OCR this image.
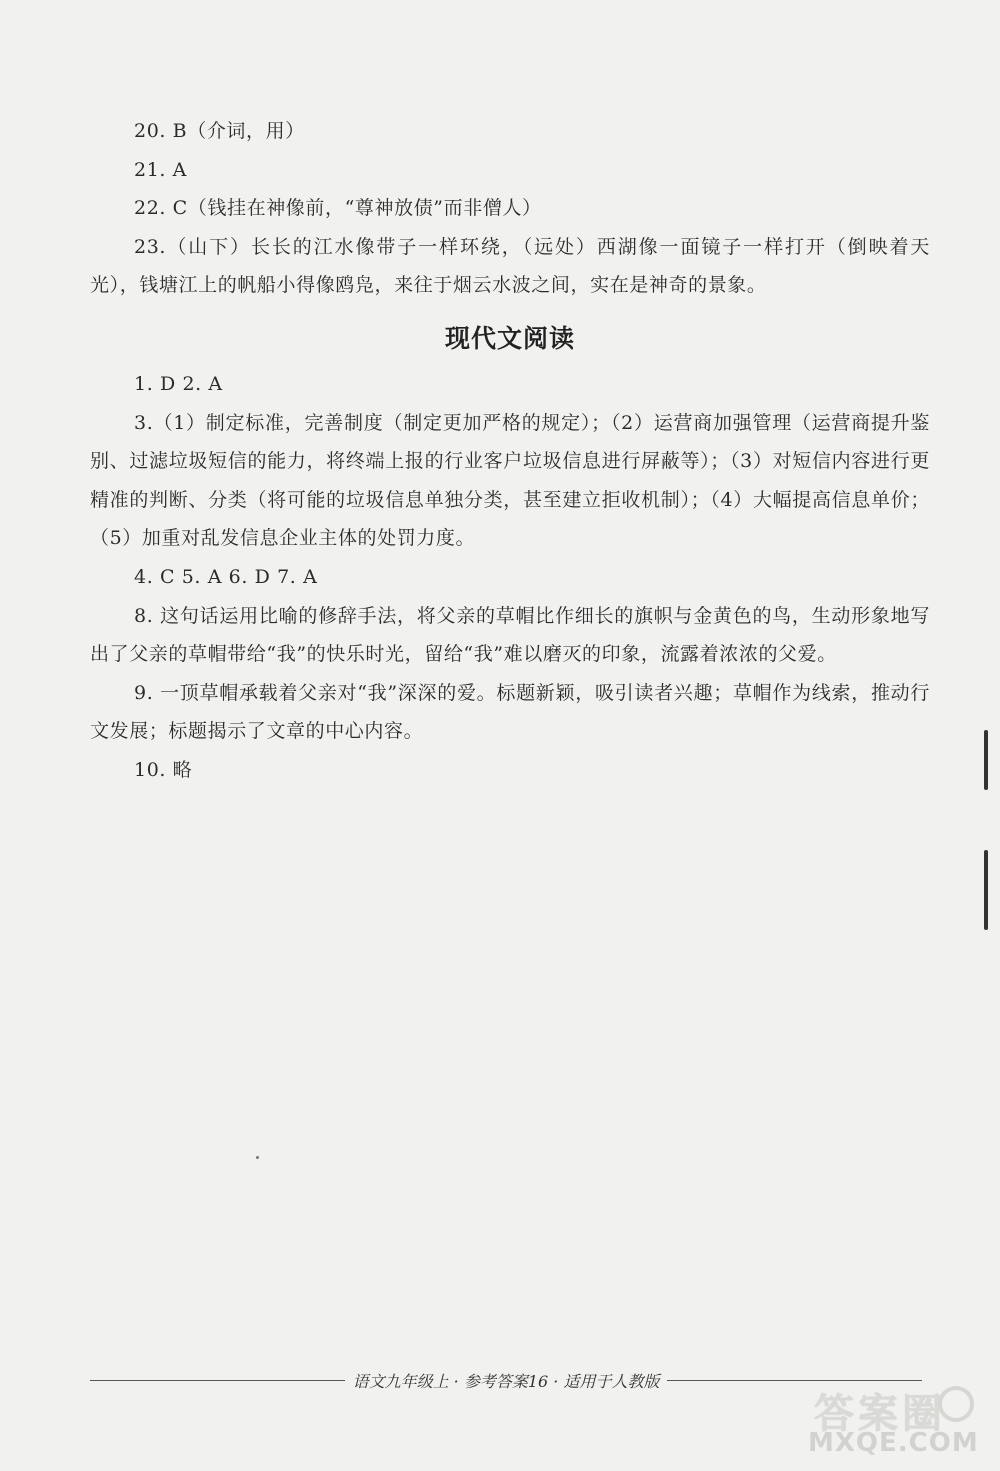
20. B（介词，用）

21. A

22. C（钱挂在神像前，“尊神放债”而非僧人）

23.（山下）长长的江水像带子一样环绕，（远处）西湖像一面镜子一样打开（倒映着天光），钱塘江上的帆船小得像鸥凫，来往于烟云水波之间，实在是神奇的景象。

现代文阅读

1. D 2. A

3.（1）制定标准，完善制度（制定更加严格的规定）；（2）运营商加强管理（运营商提升鉴别、过滤垃圾短信的能力，将终端上报的行业客户垃圾信息进行屏蔽等）；（3）对短信内容进行更精准的判断、分类（将可能的垃圾信息单独分类，甚至建立拒收机制）；（4）大幅提高信息单价；（5）加重对乱发信息企业主体的处罚力度。

4. C 5. A 6. D 7. A

8. 这句话运用比喻的修辞手法，将父亲的草帽比作细长的旗帜与金黄色的鸟，生动形象地写出了父亲的草帽带给“我”的快乐时光，留给“我”难以磨灭的印象，流露着浓浓的父爱。

9. 一顶草帽承载着父亲对“我”深深的爱。标题新颖，吸引读者兴趣；草帽作为线索，推动行文发展；标题揭示了文章的中心内容。

10. 略

语文九年级上 · 参考答案16 · 适用于人教版
答案圈
MXQE.COM
